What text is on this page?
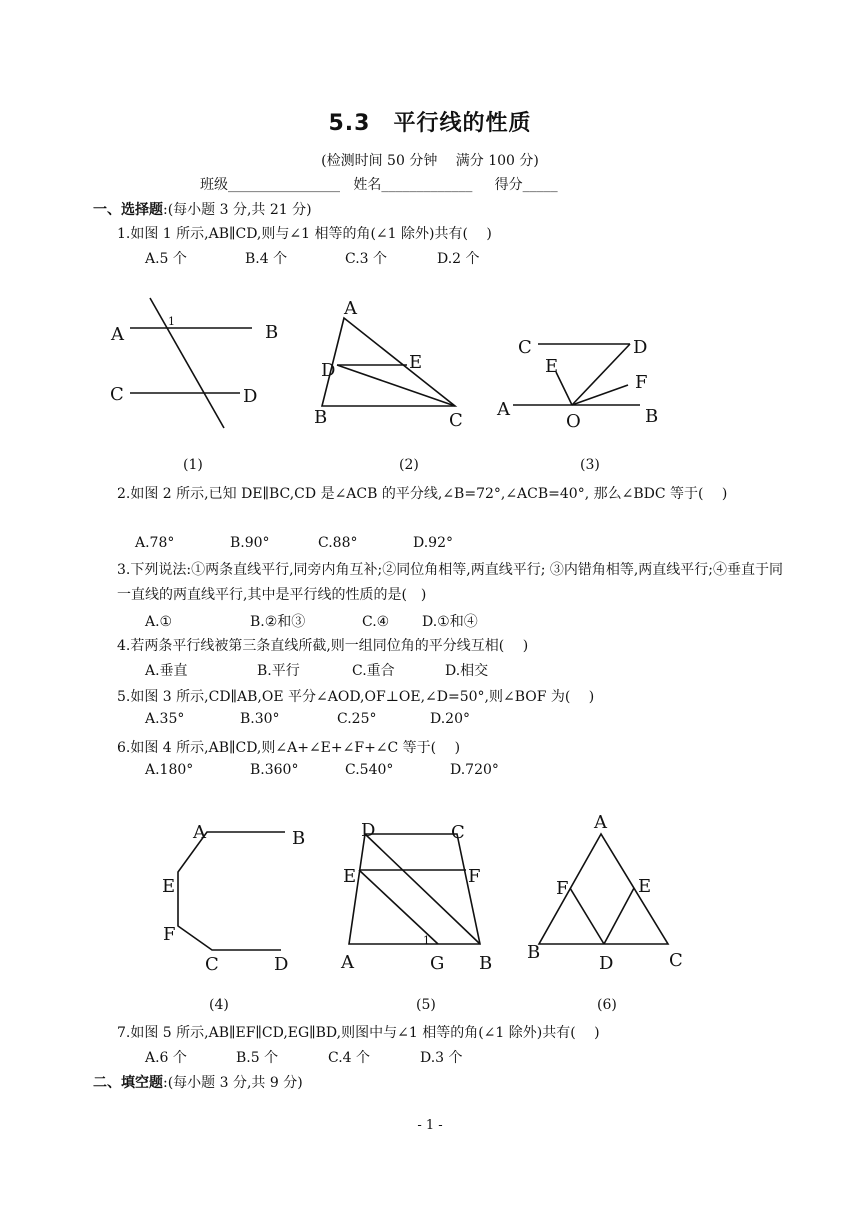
5.3　平行线的性质
(检测时间 50 分钟　 满分 100 分)
班级________________ 姓名_____________ 得分_____
一、选择题:(每小题 3 分,共 21 分)
1.如图 1 所示,AB∥CD,则与∠1 相等的角(∠1 除外)共有(　 )
A.5 个	B.4 个	C.3 个	D.2 个
A	B
C	D
1
A
D	E
B	C
C	D
E
F
A
O	B
(1)	(2)	(3)
2.如图 2 所示,已知 DE∥BC,CD 是∠ACB 的平分线,∠B=72°,∠ACB=40°, 那么∠BDC 等于(　 )
A.78°	B.90°	C.88°	D.92°
3.下列说法:①两条直线平行,同旁内角互补;②同位角相等,两直线平行; ③内错角相等,两直线平行;④垂直于同一直线的两直线平行,其中是平行线的性质的是(　)
A.①	B.②和③	C.④ D.①和④
4.若两条平行线被第三条直线所截,则一组同位角的平分线互相(　 )
A.垂直	B.平行	C.重合	D.相交
5.如图 3 所示,CD∥AB,OE 平分∠AOD,OF⊥OE,∠D=50°,则∠BOF 为(　 )
A.35°	B.30°	C.25°	D.20°
6.如图 4 所示,AB∥CD,则∠A+∠E+∠F+∠C 等于(　 )
A.180°	B.360°	C.540°	D.720°
A	B
E
F
C	D
D	C
E	F
A	G B
1
A
F	E
B
D	C
(4)	(5)	(6)
7.如图 5 所示,AB∥EF∥CD,EG∥BD,则图中与∠1 相等的角(∠1 除外)共有(　 )
A.6 个	B.5 个	C.4 个	D.3 个
二、填空题:(每小题 3 分,共 9 分)
- 1 -
